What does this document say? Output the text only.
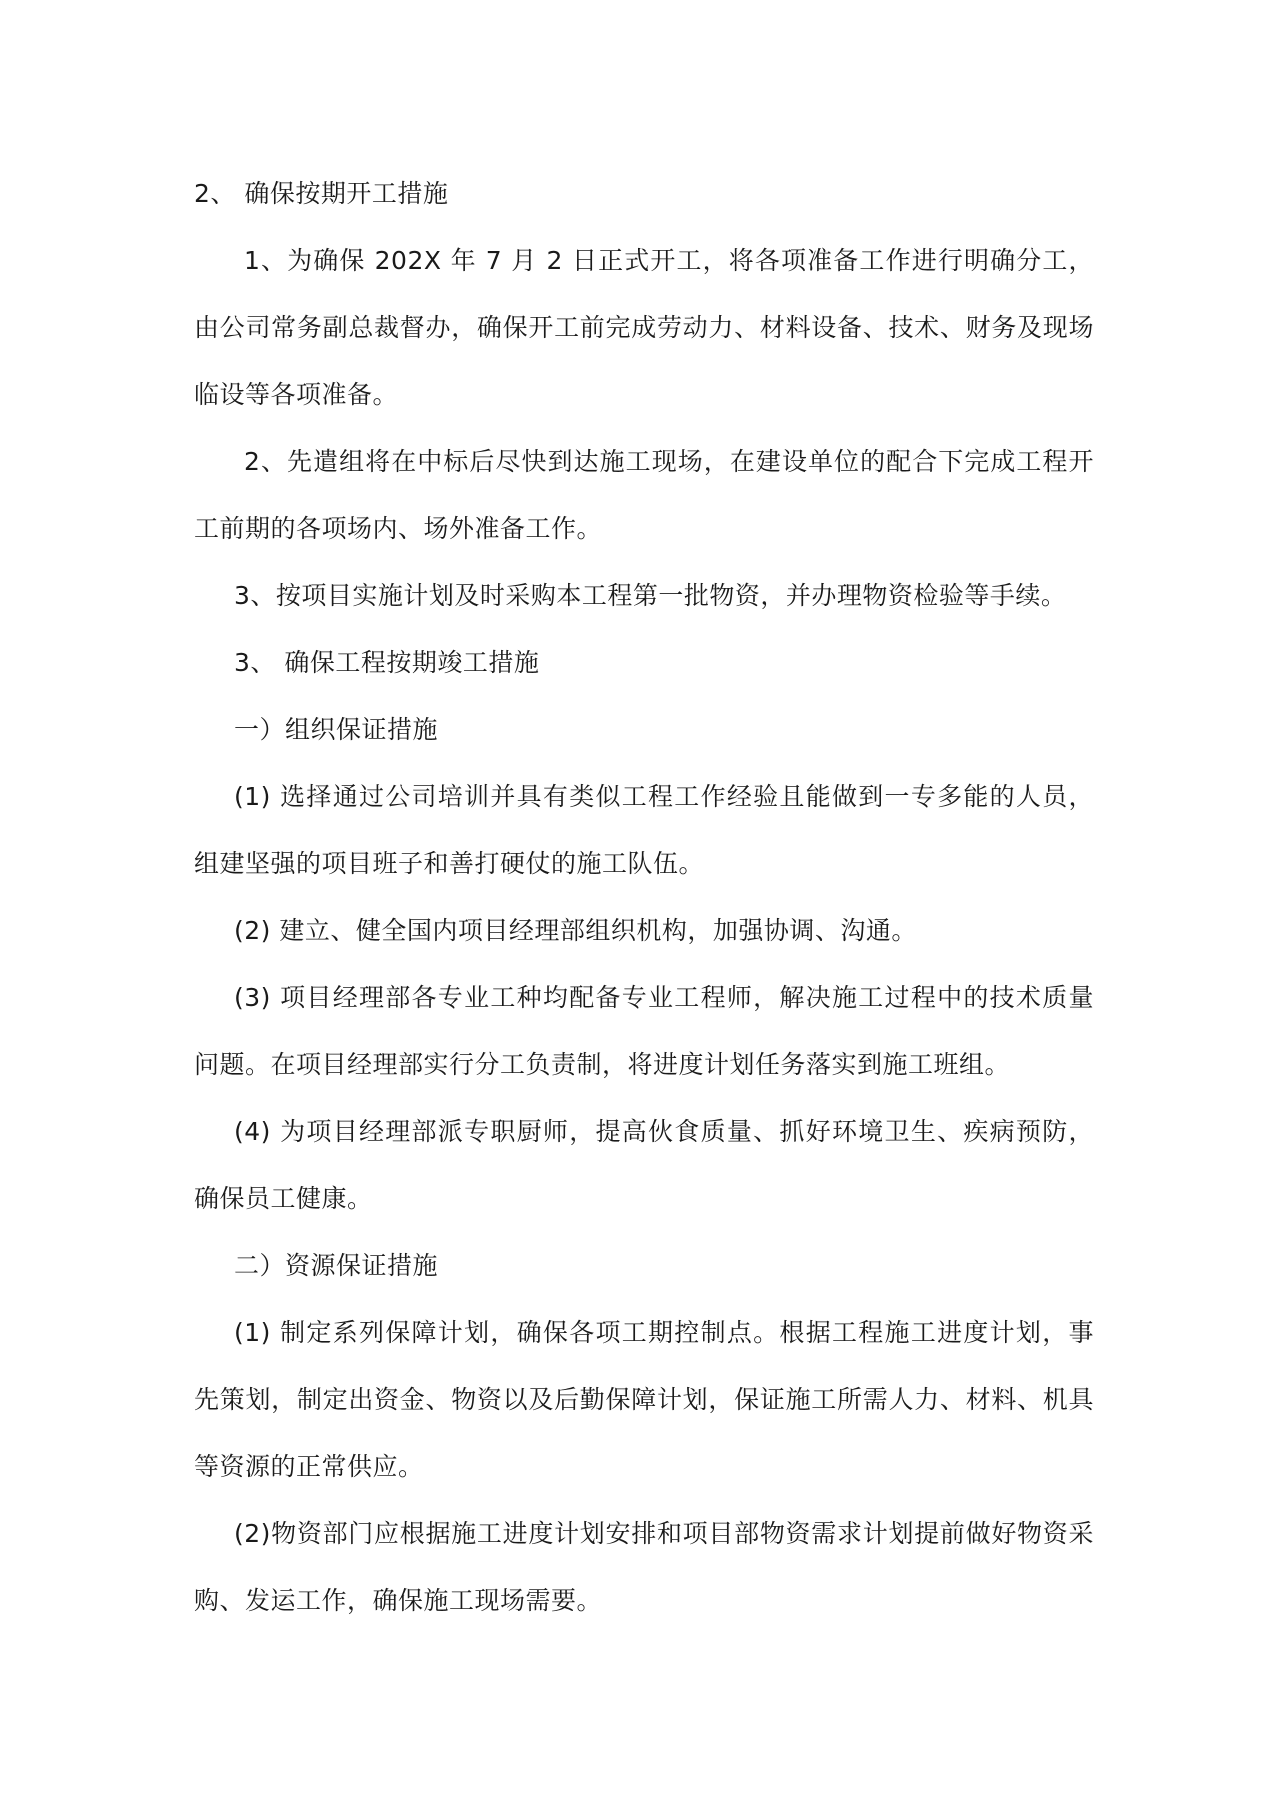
2、 确保按期开工措施

1、为确保 202X 年 7 月 2 日正式开工，将各项准备工作进行明确分工，由公司常务副总裁督办，确保开工前完成劳动力、材料设备、技术、财务及现场临设等各项准备。

2、先遣组将在中标后尽快到达施工现场，在建设单位的配合下完成工程开工前期的各项场内、场外准备工作。

3、按项目实施计划及时采购本工程第一批物资，并办理物资检验等手续。

3、 确保工程按期竣工措施

一）组织保证措施

(1) 选择通过公司培训并具有类似工程工作经验且能做到一专多能的人员，组建坚强的项目班子和善打硬仗的施工队伍。

(2) 建立、健全国内项目经理部组织机构，加强协调、沟通。

(3) 项目经理部各专业工种均配备专业工程师，解决施工过程中的技术质量问题。在项目经理部实行分工负责制，将进度计划任务落实到施工班组。

(4) 为项目经理部派专职厨师，提高伙食质量、抓好环境卫生、疾病预防，确保员工健康。

二）资源保证措施

(1) 制定系列保障计划，确保各项工期控制点。根据工程施工进度计划，事先策划，制定出资金、物资以及后勤保障计划，保证施工所需人力、材料、机具等资源的正常供应。

(2)物资部门应根据施工进度计划安排和项目部物资需求计划提前做好物资采购、发运工作，确保施工现场需要。
